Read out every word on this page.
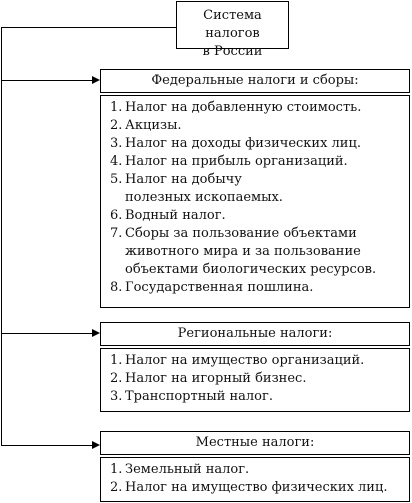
Система налогов
в России
Федеральные налоги и сборы:
1. Налог на добавленную стоимость.
2. Акцизы.
3. Налог на доходы физических лиц.
4. Налог на прибыль организаций.
5. Налог на добычу полезных ископаемых.
6. Водный налог.
7. Сборы за пользование объектами животного мира и за пользование объектами биологических ресурсов.
8. Государственная пошлина.
Региональные налоги:
1. Налог на имущество организаций.
2. Налог на игорный бизнес.
3. Транспортный налог.
Местные налоги:
1. Земельный налог.
2. Налог на имущество физических лиц.
